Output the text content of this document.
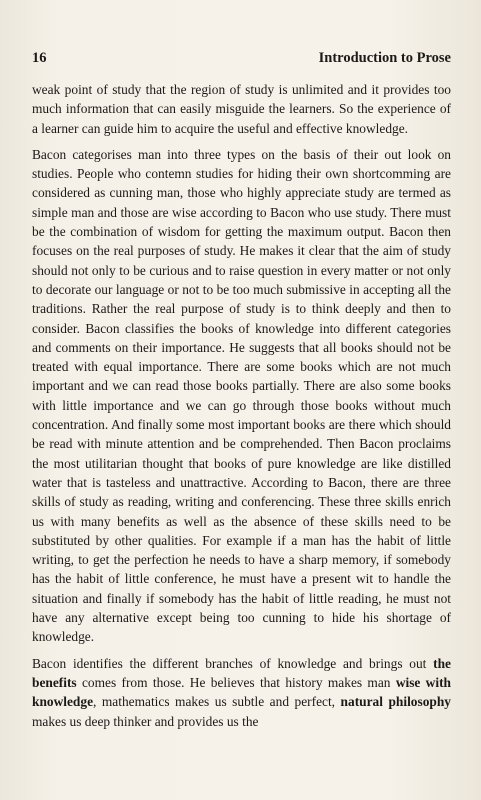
16	Introduction to Prose

weak point of study that the region of study is unlimited and it provides too much information that can easily misguide the learners. So the experience of a learner can guide him to acquire the useful and effective knowledge.

Bacon categorises man into three types on the basis of their out look on studies. People who contemn studies for hiding their own shortcomming are considered as cunning man, those who highly appreciate study are termed as simple man and those are wise according to Bacon who use study. There must be the combination of wisdom for getting the maximum output. Bacon then focuses on the real purposes of study. He makes it clear that the aim of study should not only to be curious and to raise question in every matter or not only to decorate our language or not to be too much submissive in accepting all the traditions. Rather the real purpose of study is to think deeply and then to consider. Bacon classifies the books of knowledge into different categories and comments on their importance. He suggests that all books should not be treated with equal importance. There are some books which are not much important and we can read those books partially. There are also some books with little importance and we can go through those books without much concentration. And finally some most important books are there which should be read with minute attention and be comprehended. Then Bacon proclaims the most utilitarian thought that books of pure knowledge are like distilled water that is tasteless and unattractive. According to Bacon, there are three skills of study as reading, writing and conferencing. These three skills enrich us with many benefits as well as the absence of these skills need to be substituted by other qualities. For example if a man has the habit of little writing, to get the perfection he needs to have a sharp memory, if somebody has the habit of little conference, he must have a present wit to handle the situation and finally if somebody has the habit of little reading, he must not have any alternative except being too cunning to hide his shortage of knowledge.

Bacon identifies the different branches of knowledge and brings out the benefits comes from those. He believes that history makes man wise with knowledge, mathematics makes us subtle and perfect, natural philosophy makes us deep thinker and provides us the
